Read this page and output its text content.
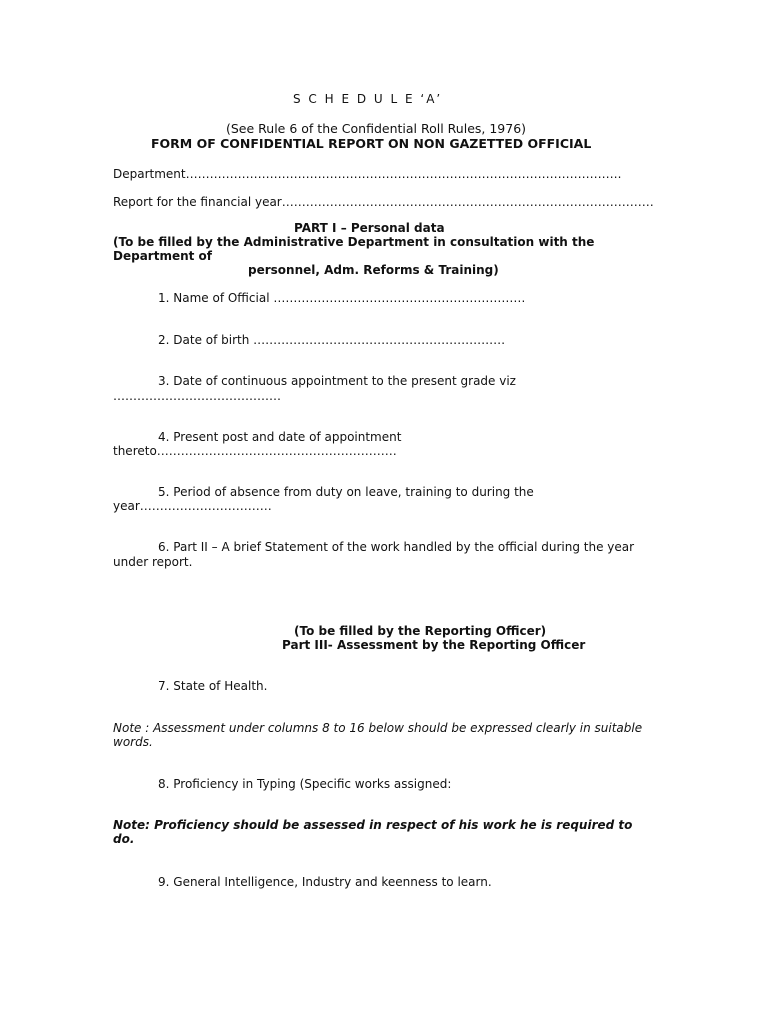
S C H E D U L E ‘A’

(See Rule 6 of the Confidential Roll Rules, 1976)

FORM OF CONFIDENTIAL REPORT ON NON GAZETTED OFFICIAL

Department……………………………………………………………………………………………….

Report for the financial year…………………………………………………………………………………

PART I – Personal data

(To be filled by the Administrative Department in consultation with the

Department of

personnel, Adm. Reforms & Training)

1. Name of Official ………………………………………………………

2. Date of birth ………………………………………………………

3. Date of continuous appointment to the present grade viz

……………………………………

4. Present post and date of appointment

thereto……………………………………………………

5. Period of absence from duty on leave, training to during the

year……………………………

6. Part II – A brief Statement of the work handled by the official during the year

under report.

(To be filled by the Reporting Officer)

Part III- Assessment by the Reporting Officer

7. State of Health.

Note : Assessment under columns 8 to 16 below should be expressed clearly in suitable

words.

8. Proficiency in Typing (Specific works assigned:

Note: Proficiency should be assessed in respect of his work he is required to

do.

9. General Intelligence, Industry and keenness to learn.
